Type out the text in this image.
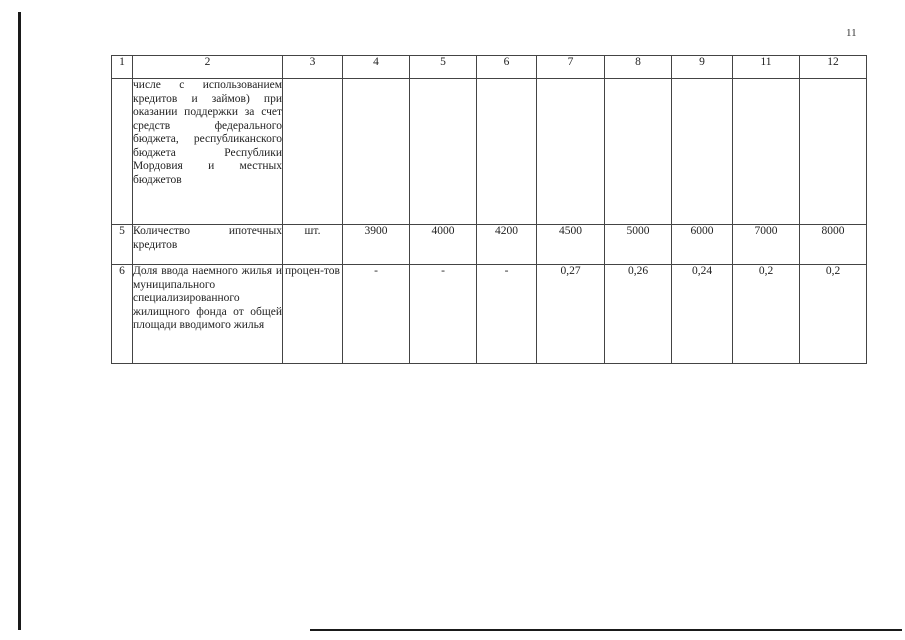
11
1	2	3	4	5	6	7	8	9	11	12
	числе с использованием кредитов и займов) при оказании поддержки за счет средств федерального бюджета, республиканского бюджета Республики Мордовия и местных бюджетов									
5	Количество ипотечных кредитов	шт.	3900	4000	4200	4500	5000	6000	7000	8000
6	Доля ввода наемного жилья и муниципального специализированного жилищного фонда от общей площади вводимого жилья	процен-тов	-	-	-	0,27	0,26	0,24	0,2	0,2
